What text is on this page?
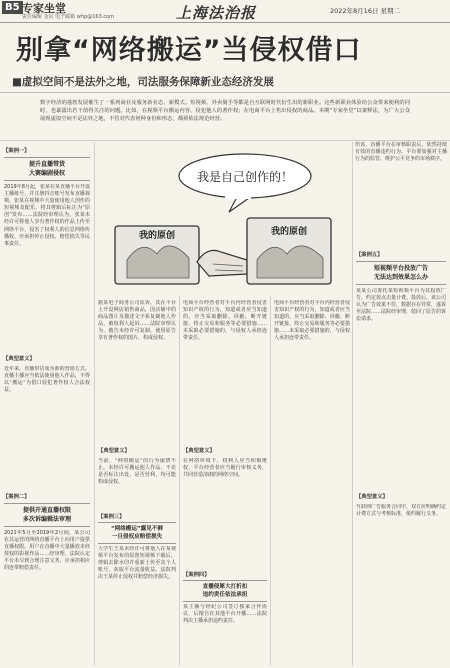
B5 专家坐堂
责任编辑 金民 电子邮箱 whp@163.com	上海法治报	2022年8月16日 星期二
别拿“网络搬运”当侵权借口
■虚拟空间不是法外之地，司法服务保障新业态经济发展
数字经济的蓬勃发展催生了一系列商业及服务新业态、新模式。短视频、外卖骑手等都是自互联网时代衍生出的新职业。这些新职业体验给公众带来便利的同时，也暴露出若干值得关注的问题。比如，在视频平台搬运内容、侵犯他人的著作权；在电商平台上售出侵权的商品。本期“专家坐堂”以案释法，为广大公众展现虚拟空间不是法外之地，不管对代表何种身份和形态，都须依法规范经营。
【案例一】
提升直播带货
大赛编剧侵权
2019年8月起，张某在某直播平台开设主播账号，并注册抖音账号发布直播视频。张某在视频中大量使用他人创作的短视频及配乐，将其剪辑后标注为“原创”发布……法院经审理认为，张某未经许可将他人享有著作权的作品上传至网络平台，侵害了权利人的信息网络传播权，应承担停止侵权、赔偿损失等民事责任。
【典型意义】
近年来，直播带货成为新的营销方式。直播主播应当依法使用他人作品，不得以“搬运”为借口侵犯著作权人合法权益。
【案例二】
提供开通直播权限
多次诉编辑法审理
2021年5月至2019年2月间，某公司在其运营的网络直播平台上向用户提供直播权限。用户在直播中大量播放未经授权的影视作品……经审理，法院认定平台未尽到合理注意义务，应承担相应的连带赔偿责任。
我是自己创作的！
我的原创	我的原创
据某电子商务公司原诉，其在平台上开设网店销售商品，因店铺中的商品图片及描述文字系复制他人作品，被权利人起诉……法院审理认为，被告未经许可复制、使用原告享有著作权的图片，构成侵权。
【典型意义】
当前，“网络搬运”的行为屡禁不止。未经许可搬运他人作品，不论是否标注出处、是否营利，均可能构成侵权。
【案例三】
“网络搬运”露见不鲜
一旦侵权应赔偿损失
大学生王某未经许可将他人在某视频平台发布的原创短视频下载后，剪辑去除水印并重新上传至其个人账号，获取平台流量收益。法院判决王某停止侵权并赔偿经济损失。
电商平台经营者对平台内经营者侵害知识产权的行为，知道或者应当知道的，应当采取删除、屏蔽、断开链接、终止交易和服务等必要措施……未采取必要措施的，与侵权人承担连带责任。
【典型意义】
在网络环境下，权利人应当积极维权，平台经营者应当履行审核义务，共同营造清朗的网络空间。
【案例四】
直播侵犀大打折扣
违约责任依法承担
某主播与经纪公司签订独家合作协议，后擅自在其他平台开播……法院判决主播承担违约责任。
电商平台经营者对平台内经营者侵害知识产权的行为，知道或者应当知道的，应当采取删除、屏蔽、断开链接、终止交易和服务等必要措施……未采取必要措施的，与侵权人承担连带责任。
但该，直播平台在审核职责后，依然持续有效的直播违约行为。平台要加强对主播行为的监管，维护公平竞争的市场秩序。
【案例五】
短视频平台投放广告
无法达到效果怎么办
某某公司委托某短视频平台为其投放广告，约定按点击量计费。投放后，该公司认为广告效果不佳，数据存在异常，遂诉至法院……法院经审理，驳回了原告的诉讼请求。
【典型意义】
互联网广告服务合同中，双方应明确约定计费方式与考核标准，依约履行义务。
